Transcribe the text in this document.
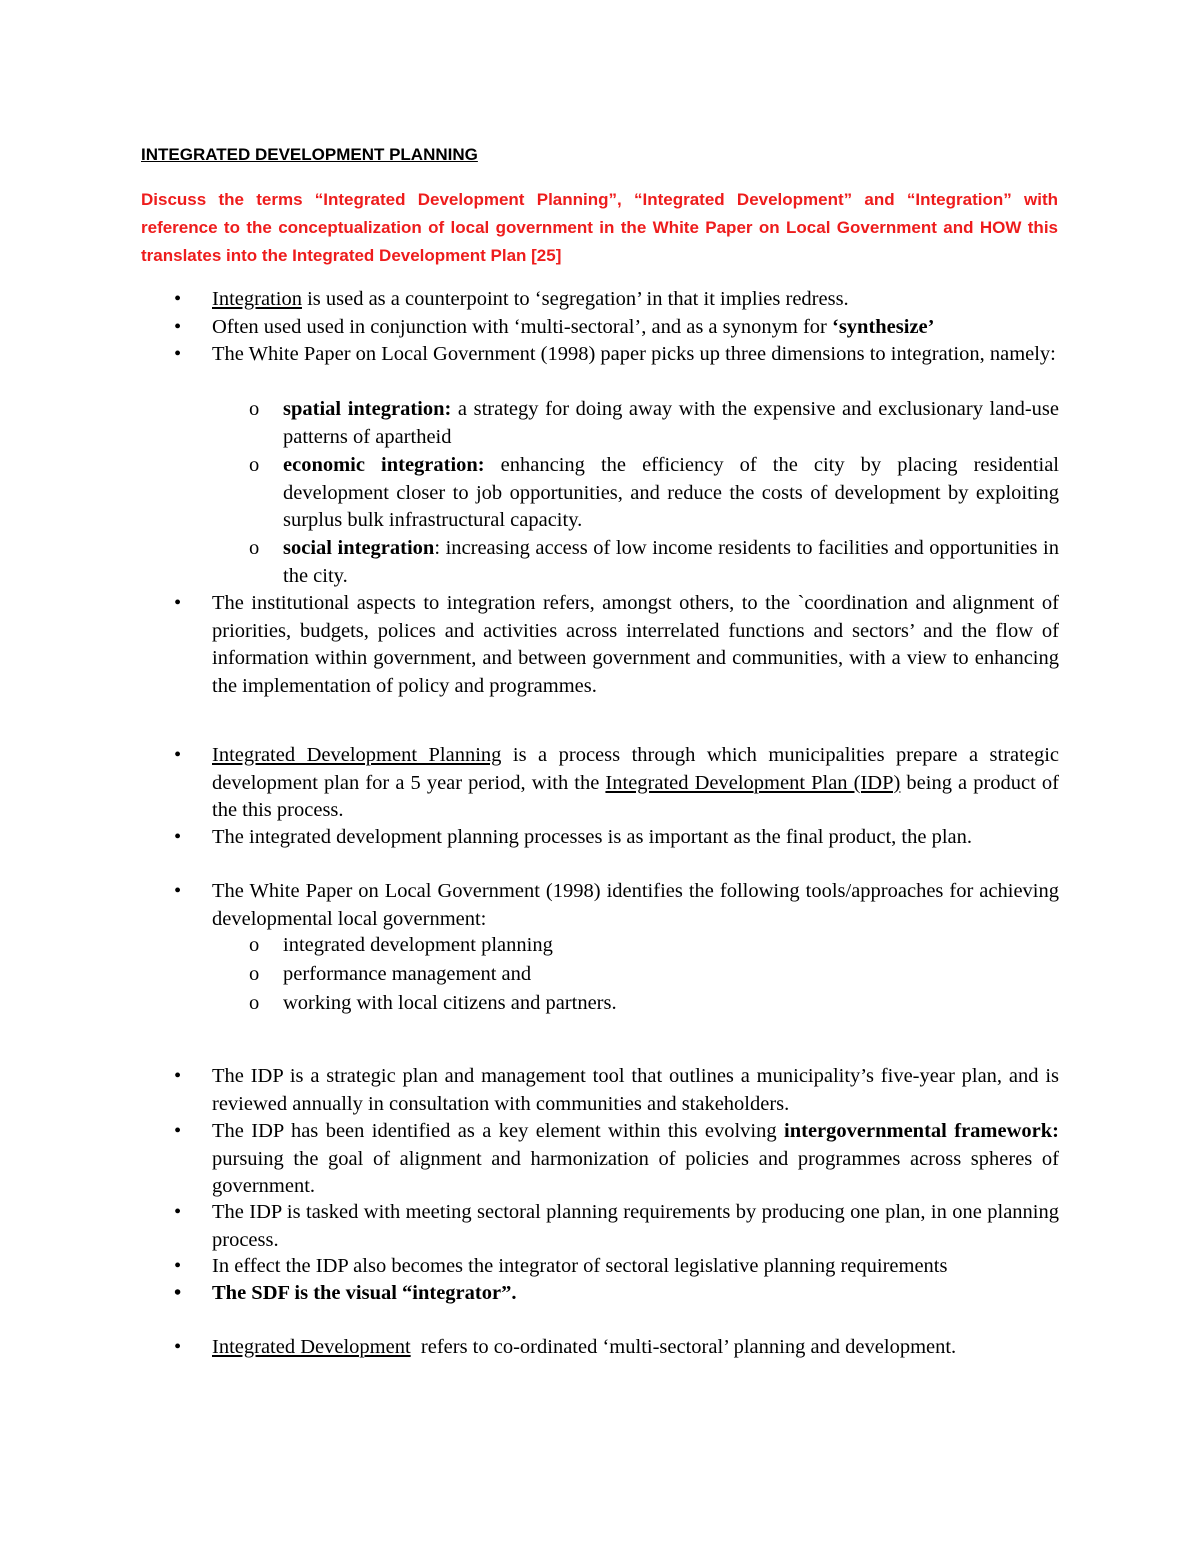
INTEGRATED DEVELOPMENT PLANNING

Discuss the terms “Integrated Development Planning”, “Integrated Development” and “Integration” with reference to the conceptualization of local government in the White Paper on Local Government and HOW this translates into the Integrated Development Plan [25]

• Integration is used as a counterpoint to ‘segregation’ in that it implies redress.
• Often used used in conjunction with ‘multi-sectoral’, and as a synonym for ‘synthesize’
• The White Paper on Local Government (1998) paper picks up three dimensions to integration, namely:
o spatial integration: a strategy for doing away with the expensive and exclusionary land-use patterns of apartheid
o economic integration: enhancing the efficiency of the city by placing residential development closer to job opportunities, and reduce the costs of development by exploiting surplus bulk infrastructural capacity.
o social integration: increasing access of low income residents to facilities and opportunities in the city.
• The institutional aspects to integration refers, amongst others, to the `coordination and alignment of priorities, budgets, polices and activities across interrelated functions and sectors’ and the flow of information within government, and between government and communities, with a view to enhancing the implementation of policy and programmes.
• Integrated Development Planning is a process through which municipalities prepare a strategic development plan for a 5 year period, with the Integrated Development Plan (IDP) being a product of the this process.
• The integrated development planning processes is as important as the final product, the plan.
• The White Paper on Local Government (1998) identifies the following tools/approaches for achieving developmental local government:
o integrated development planning
o performance management and
o working with local citizens and partners.
• The IDP is a strategic plan and management tool that outlines a municipality’s five-year plan, and is reviewed annually in consultation with communities and stakeholders.
• The IDP has been identified as a key element within this evolving intergovernmental framework: pursuing the goal of alignment and harmonization of policies and programmes across spheres of government.
• The IDP is tasked with meeting sectoral planning requirements by producing one plan, in one planning process.
• In effect the IDP also becomes the integrator of sectoral legislative planning requirements
• The SDF is the visual “integrator”.
• Integrated Development  refers to co-ordinated ‘multi-sectoral’ planning and development.
